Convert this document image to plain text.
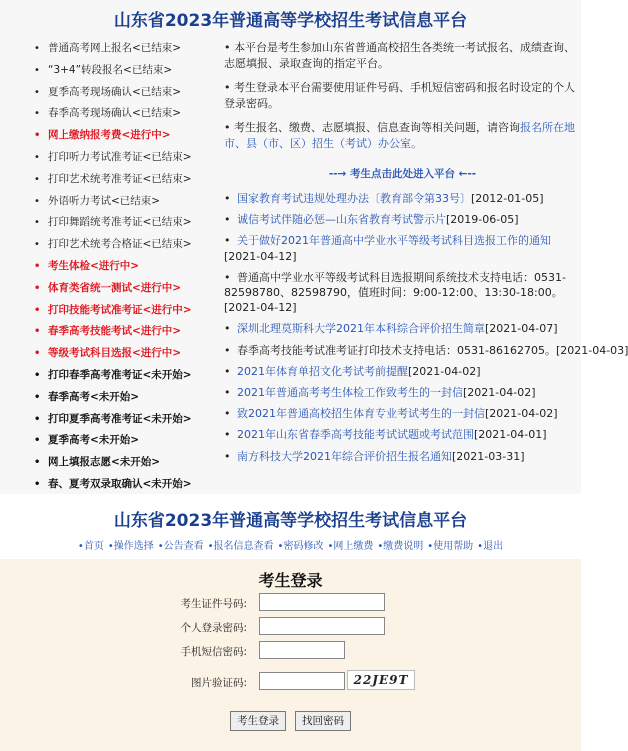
山东省2023年普通高等学校招生考试信息平台
• 普通高考网上报名<已结束>
• “3+4”转段报名<已结束>
• 夏季高考现场确认<已结束>
• 春季高考现场确认<已结束>
• 网上缴纳报考费<进行中>
• 打印听力考试准考证<已结束>
• 打印艺术统考准考证<已结束>
• 外语听力考试<已结束>
• 打印舞蹈统考准考证<已结束>
• 打印艺术统考合格证<已结束>
• 考生体检<进行中>
• 体育类省统一测试<进行中>
• 打印技能考试准考证<进行中>
• 春季高考技能考试<进行中>
• 等级考试科目选报<进行中>
• 打印春季高考准考证<未开始>
• 春季高考<未开始>
• 打印夏季高考准考证<未开始>
• 夏季高考<未开始>
• 网上填报志愿<未开始>
• 春、夏考双录取确认<未开始>

• 本平台是考生参加山东省普通高校招生各类统一考试报名、成绩查询、志愿填报、录取查询的指定平台。

• 考生登录本平台需要使用证件号码、手机短信密码和报名时设定的个人登录密码。

• 考生报名、缴费、志愿填报、信息查询等相关问题，请咨询报名所在地市、县（市、区）招生（考试）办公室。

--→ 考生点击此处进入平台 ←--
• 国家教育考试违规处理办法〔教育部令第33号〕[2012-01-05]
• 诚信考试伴随必惩—山东省教育考试警示片[2019-06-05]
• 关于做好2021年普通高中学业水平等级考试科目选报工作的通知[2021-04-12]
• 普通高中学业水平等级考试科目选报期间系统技术支持电话：0531-82598780、82598790，值班时间：9:00-12:00、13:30-18:00。[2021-04-12]
• 深圳北理莫斯科大学2021年本科综合评价招生简章[2021-04-07]
• 春季高考技能考试准考证打印技术支持电话：0531-86162705。[2021-04-03]
• 2021年体育单招文化考试考前提醒[2021-04-02]
• 2021年普通高考考生体检工作致考生的一封信[2021-04-02]
• 致2021年普通高校招生体育专业考试考生的一封信[2021-04-02]
• 2021年山东省春季高考技能考试试题或考试范围[2021-04-01]
• 南方科技大学2021年综合评价招生报名通知[2021-03-31]
山东省2023年普通高等学校招生考试信息平台
•首页 •操作选择 •公告查看 •报名信息查看 •密码修改 •网上缴费 •缴费说明 •使用帮助 •退出
考生登录
考生证件号码:
个人登录密码:
手机短信密码:
图片验证码:	22JE9T
考生登录 找回密码
